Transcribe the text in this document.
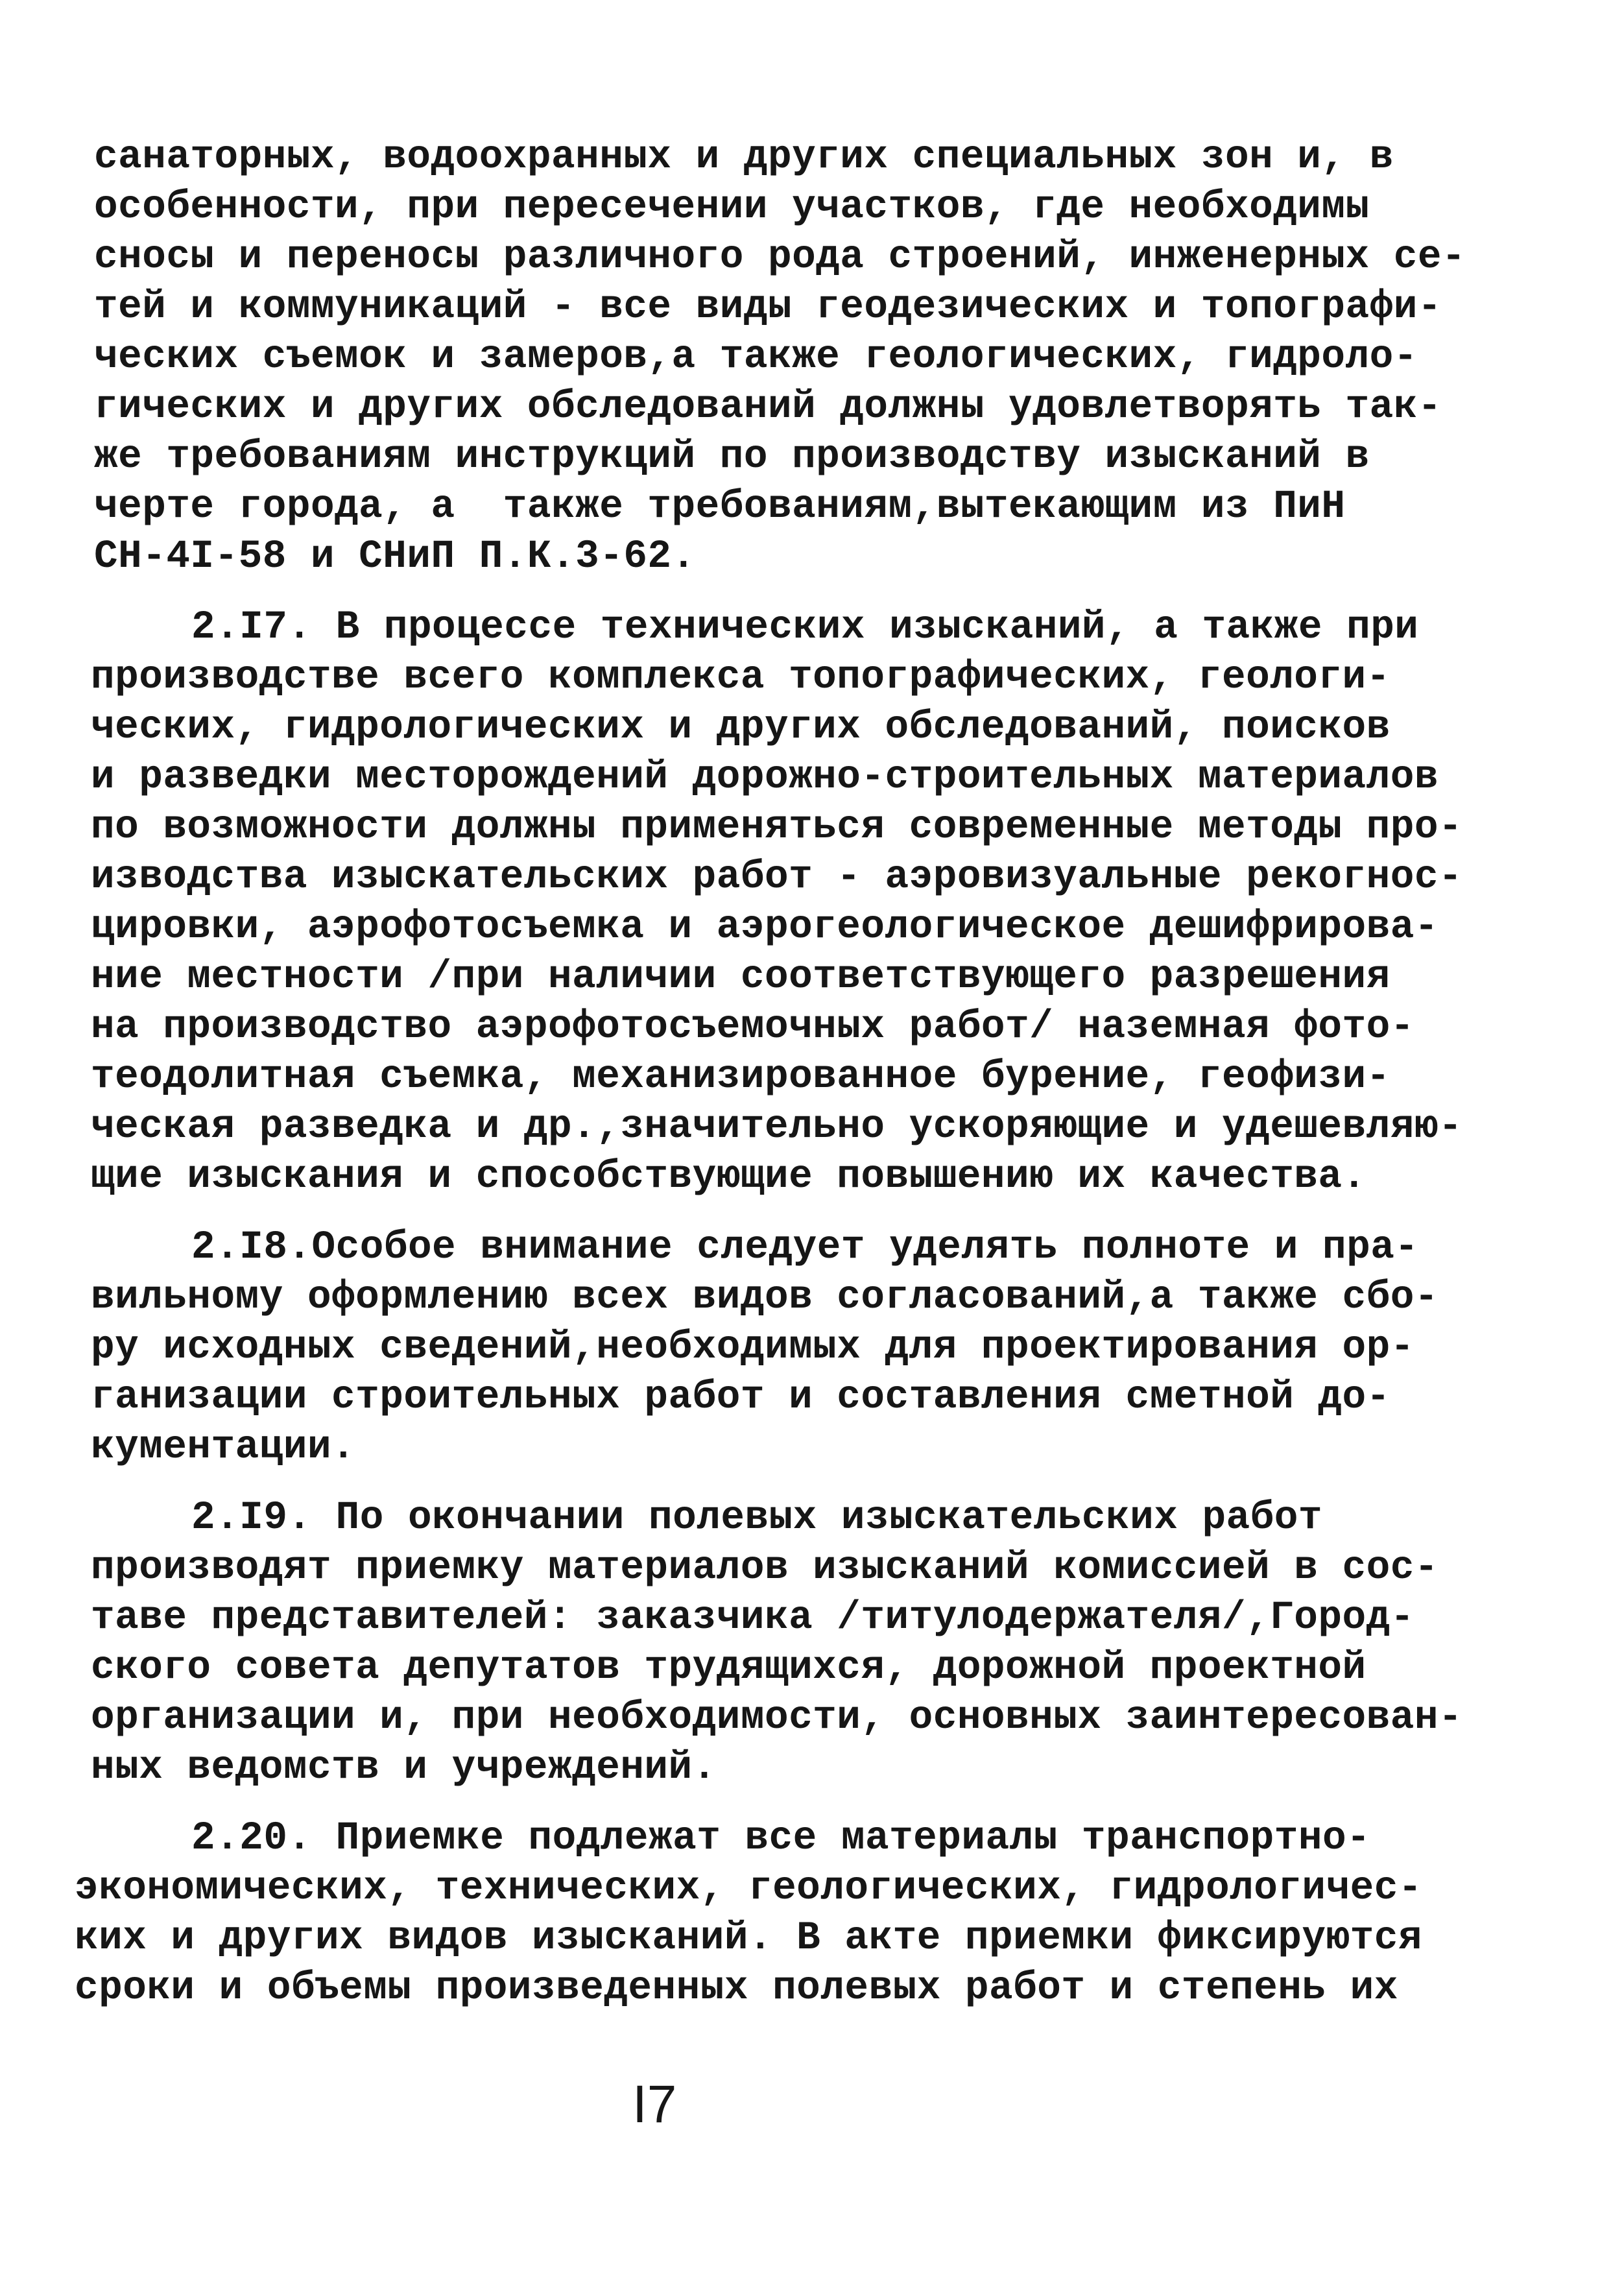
санаторных, водоохранных и других специальных зон и, в
особенности, при пересечении участков, где необходимы
сносы и переносы различного рода строений, инженерных се-
тей и коммуникаций - все виды геодезических и топографи-
ческих съемок и замеров,а также геологических, гидроло-
гических и других обследований должны удовлетворять так-
же требованиям инструкций по производству изысканий в
черте города, а  также требованиям,вытекающим из ПиН
СН-4I-58 и СНиП П.К.3-62.
2.I7. В процессе технических изысканий, а также при
производстве всего комплекса топографических, геологи-
ческих, гидрологических и других обследований, поисков
и разведки месторождений дорожно-строительных материалов
по возможности должны применяться современные методы про-
изводства изыскательских работ - аэровизуальные рекогнос-
цировки, аэрофотосъемка и аэрогеологическое дешифрирова-
ние местности /при наличии соответствующего разрешения
на производство аэрофотосъемочных работ/ наземная фото-
теодолитная съемка, механизированное бурение, геофизи-
ческая разведка и др.,значительно ускоряющие и удешевляю-
щие изыскания и способствующие повышению их качества.
2.I8.Особое внимание следует уделять полноте и пра-
вильному оформлению всех видов согласований,а также сбо-
ру исходных сведений,необходимых для проектирования ор-
ганизации строительных работ и составления сметной до-
кументации.
2.I9. По окончании полевых изыскательских работ
производят приемку материалов изысканий комиссией в сос-
таве представителей: заказчика /титулодержателя/,Город-
ского совета депутатов трудящихся, дорожной проектной
организации и, при необходимости, основных заинтересован-
ных ведомств и учреждений.
2.20. Приемке подлежат все материалы транспортно-
экономических, технических, геологических, гидрологичес-
ких и других видов изысканий. В акте приемки фиксируются
сроки и объемы произведенных полевых работ и степень их
I7
